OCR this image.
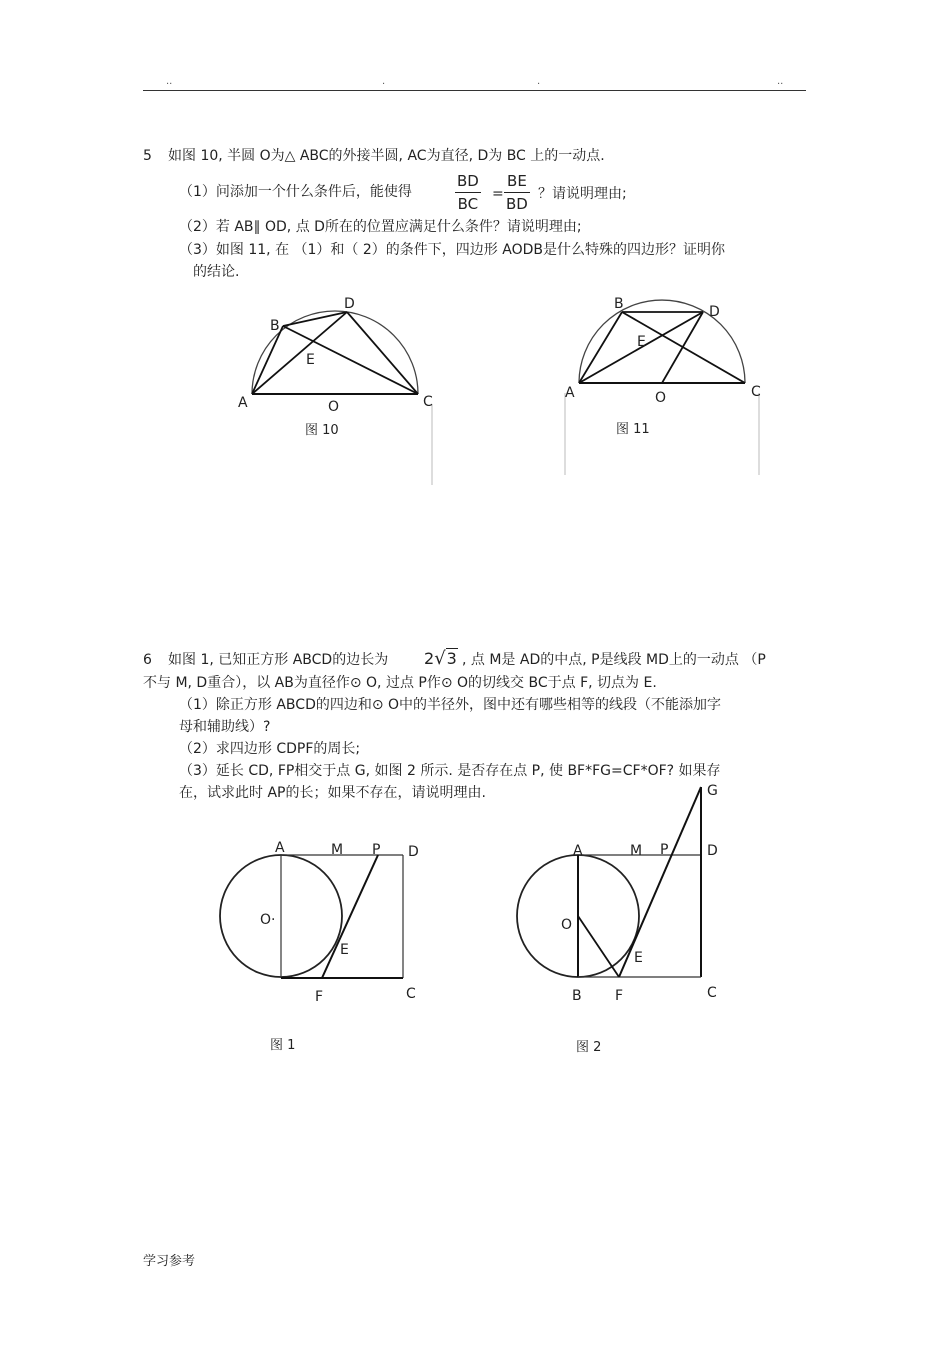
..	.	.	..
5 如图 10, 半圆 O为△ ABC的外接半圆, AC为直径, D为 BC 上的一动点.
（1）问添加一个什么条件后，能使得
BD
BC
=
BE
BD
？请说明理由;
（2）若 AB∥ OD, 点 D所在的位置应满足什么条件？请说明理由;
（3）如图 11, 在 （1）和（ 2）的条件下，四边形 AODB是什么特殊的四边形？证明你
的结论.
A
B
C
D
E
O
图 10
A
B
C
D
E
O
图 11
6 如图 1, 已知正方形 ABCD的边长为 2√3 , 点 M是 AD的中点, P是线段 MD上的一动点 （P
不与 M, D重合），以 AB为直径作⊙ O, 过点 P作⊙ O的切线交 BC于点 F, 切点为 E.
（1）除正方形 ABCD的四边和⊙ O中的半径外，图中还有哪些相等的线段（不能添加字
母和辅助线）?
（2）求四边形 CDPF的周长;
（3）延长 CD, FP相交于点 G, 如图 2 所示. 是否存在点 P, 使 BF*FG=CF*OF? 如果存
在，试求此时 AP的长；如果不存在，请说明理由.
A	M P D
O·
E
F	C
图 1
A	M P	D
G
O
E
B F	C
图 2
学习参考
